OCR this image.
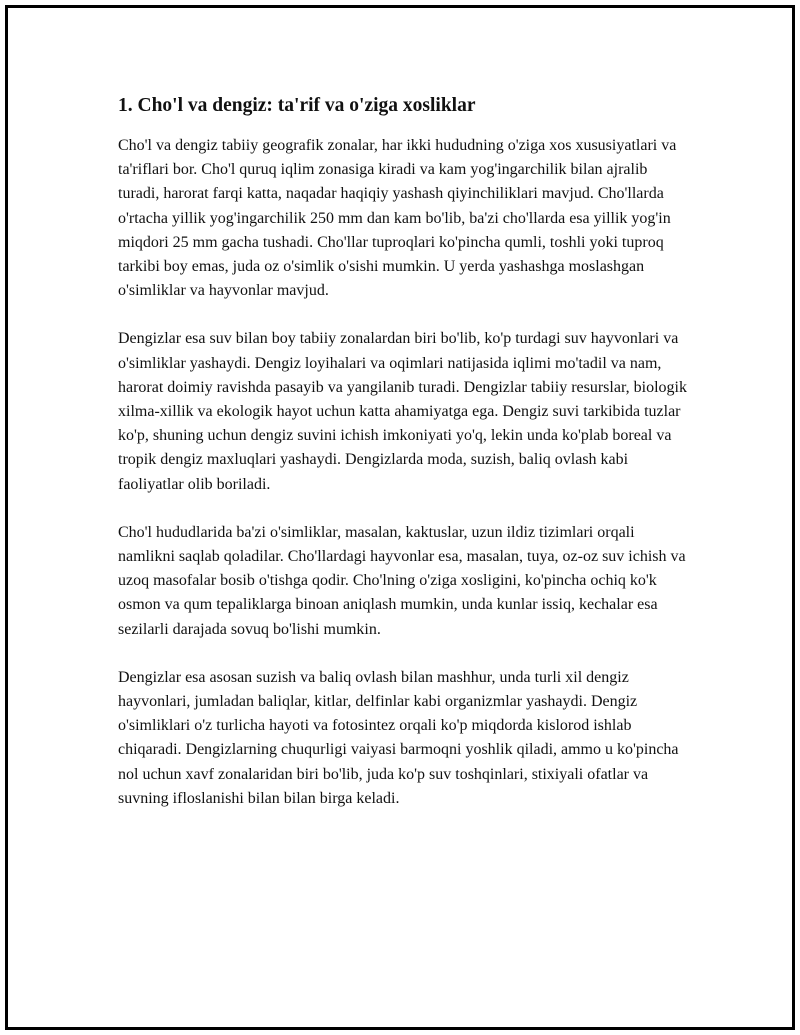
1. Cho'l va dengiz: ta'rif va o'ziga xosliklar

Cho'l va dengiz tabiiy geografik zonalar, har ikki hududning o'ziga xos xususiyatlari va ta'riflari bor. Cho'l quruq iqlim zonasiga kiradi va kam yog'ingarchilik bilan ajralib turadi, harorat farqi katta, naqadar haqiqiy yashash qiyinchiliklari mavjud. Cho'llarda o'rtacha yillik yog'ingarchilik 250 mm dan kam bo'lib, ba'zi cho'llarda esa yillik yog'in miqdori 25 mm gacha tushadi. Cho'llar tuproqlari ko'pincha qumli, toshli yoki tuproq tarkibi boy emas, juda oz o'simlik o'sishi mumkin. U yerda yashashga moslashgan o'simliklar va hayvonlar mavjud.

Dengizlar esa suv bilan boy tabiiy zonalardan biri bo'lib, ko'p turdagi suv hayvonlari va o'simliklar yashaydi. Dengiz loyihalari va oqimlari natijasida iqlimi mo'tadil va nam, harorat doimiy ravishda pasayib va yangilanib turadi. Dengizlar tabiiy resurslar, biologik xilma-xillik va ekologik hayot uchun katta ahamiyatga ega. Dengiz suvi tarkibida tuzlar ko'p, shuning uchun dengiz suvini ichish imkoniyati yo'q, lekin unda ko'plab boreal va tropik dengiz maxluqlari yashaydi. Dengizlarda moda, suzish, baliq ovlash kabi faoliyatlar olib boriladi.

Cho'l hududlarida ba'zi o'simliklar, masalan, kaktuslar, uzun ildiz tizimlari orqali namlikni saqlab qoladilar. Cho'llardagi hayvonlar esa, masalan, tuya, oz-oz suv ichish va uzoq masofalar bosib o'tishga qodir. Cho'lning o'ziga xosligini, ko'pincha ochiq ko'k osmon va qum tepaliklarga binoan aniqlash mumkin, unda kunlar issiq, kechalar esa sezilarli darajada sovuq bo'lishi mumkin.

Dengizlar esa asosan suzish va baliq ovlash bilan mashhur, unda turli xil dengiz hayvonlari, jumladan baliqlar, kitlar, delfinlar kabi organizmlar yashaydi. Dengiz o'simliklari o'z turlicha hayoti va fotosintez orqali ko'p miqdorda kislorod ishlab chiqaradi. Dengizlarning chuqurligi vaiyasi barmoqni yoshlik qiladi, ammo u ko'pincha nol uchun xavf zonalaridan biri bo'lib, juda ko'p suv toshqinlari, stixiyali ofatlar va suvning ifloslanishi bilan bilan birga keladi.
